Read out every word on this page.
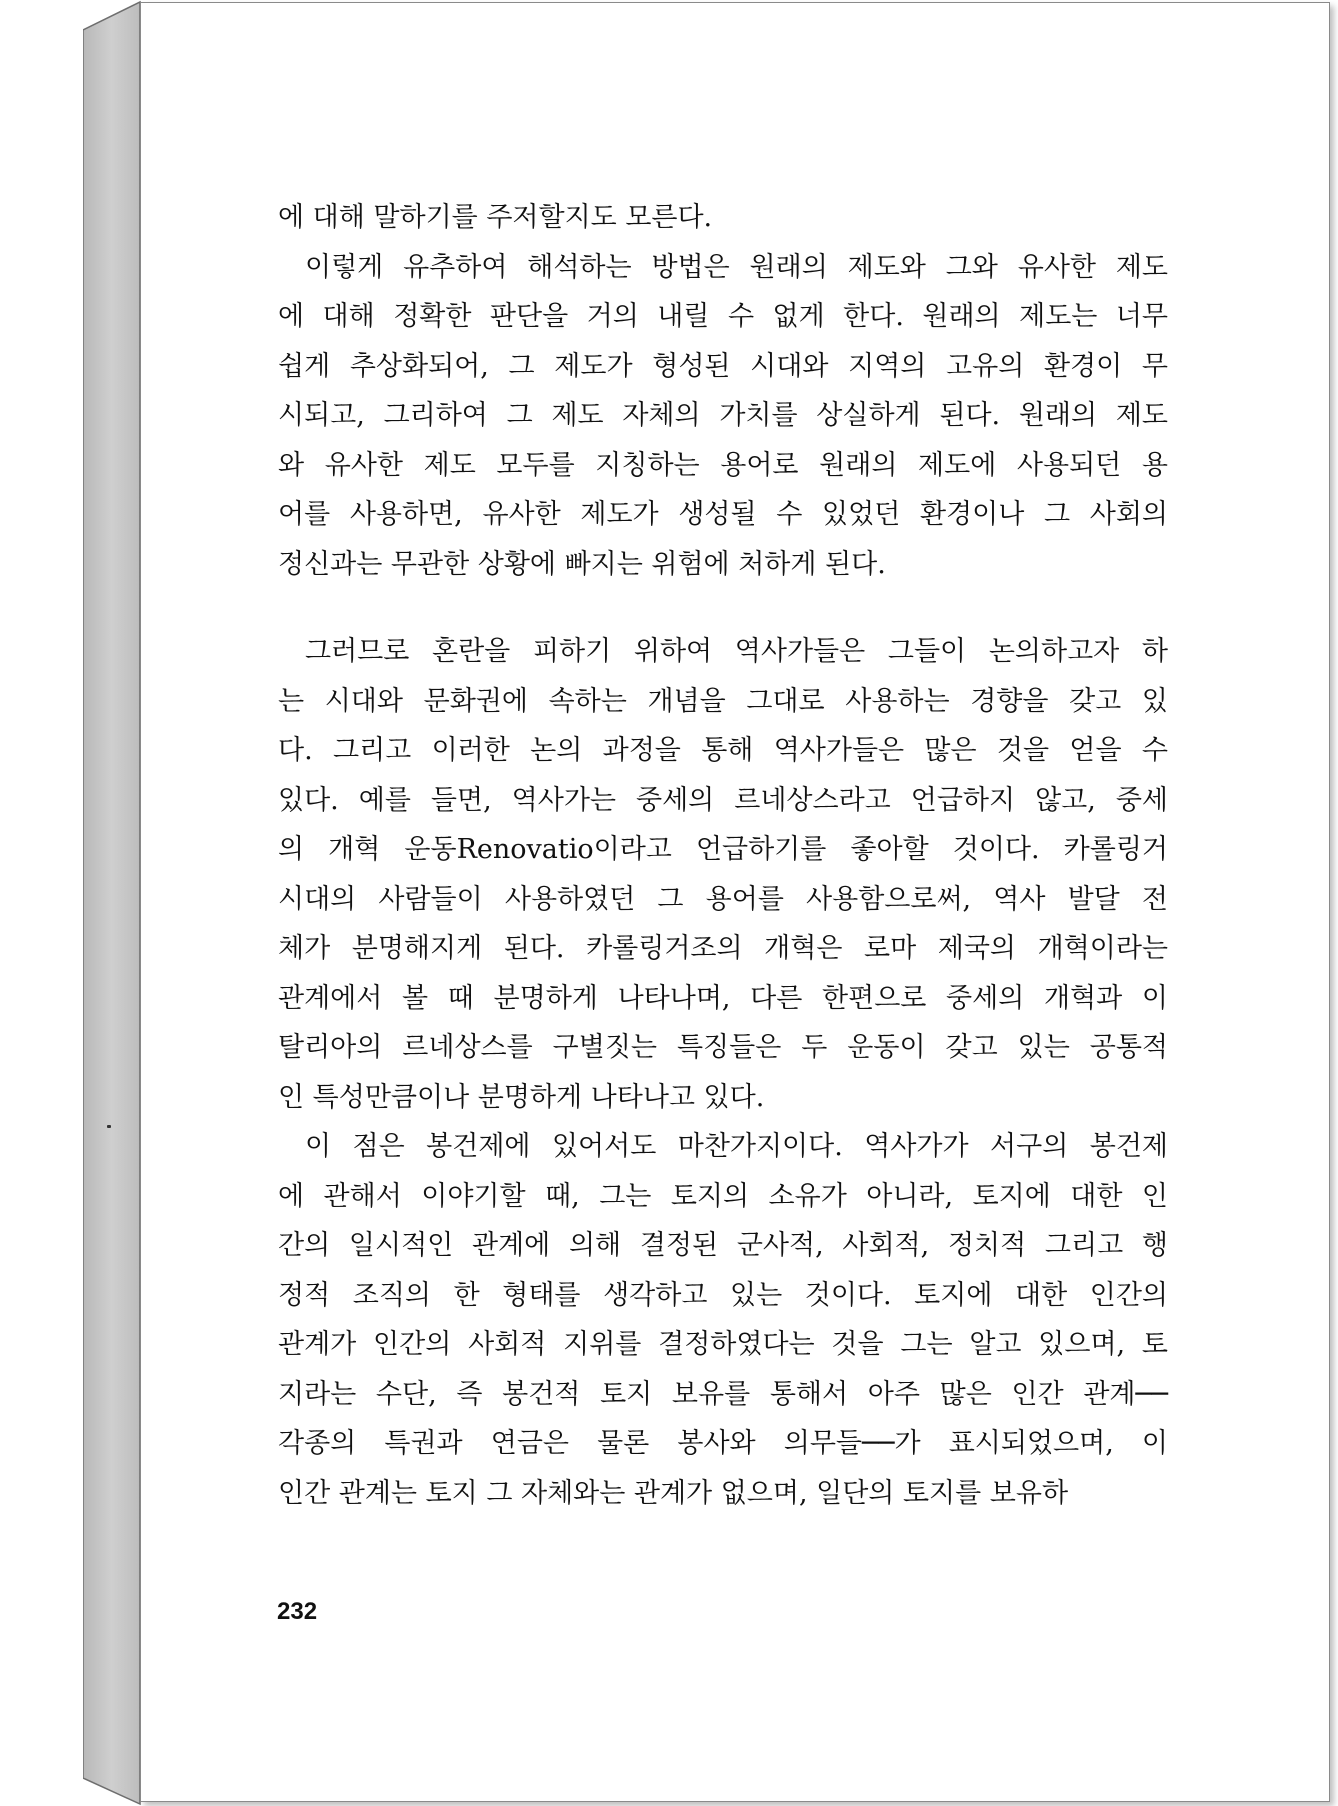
에 대해 말하기를 주저할지도 모른다.
이렇게 유추하여 해석하는 방법은 원래의 제도와 그와 유사한 제도
에 대해 정확한 판단을 거의 내릴 수 없게 한다. 원래의 제도는 너무
쉽게 추상화되어, 그 제도가 형성된 시대와 지역의 고유의 환경이 무
시되고, 그리하여 그 제도 자체의 가치를 상실하게 된다. 원래의 제도
와 유사한 제도 모두를 지칭하는 용어로 원래의 제도에 사용되던 용
어를 사용하면, 유사한 제도가 생성될 수 있었던 환경이나 그 사회의
정신과는 무관한 상황에 빠지는 위험에 처하게 된다.
그러므로 혼란을 피하기 위하여 역사가들은 그들이 논의하고자 하
는 시대와 문화권에 속하는 개념을 그대로 사용하는 경향을 갖고 있
다. 그리고 이러한 논의 과정을 통해 역사가들은 많은 것을 얻을 수
있다. 예를 들면, 역사가는 중세의 르네상스라고 언급하지 않고, 중세
의 개혁 운동Renovatio이라고 언급하기를 좋아할 것이다. 카롤링거
시대의 사람들이 사용하였던 그 용어를 사용함으로써, 역사 발달 전
체가 분명해지게 된다. 카롤링거조의 개혁은 로마 제국의 개혁이라는
관계에서 볼 때 분명하게 나타나며, 다른 한편으로 중세의 개혁과 이
탈리아의 르네상스를 구별짓는 특징들은 두 운동이 갖고 있는 공통적
인 특성만큼이나 분명하게 나타나고 있다.
이 점은 봉건제에 있어서도 마찬가지이다. 역사가가 서구의 봉건제
에 관해서 이야기할 때, 그는 토지의 소유가 아니라, 토지에 대한 인
간의 일시적인 관계에 의해 결정된 군사적, 사회적, 정치적 그리고 행
정적 조직의 한 형태를 생각하고 있는 것이다. 토지에 대한 인간의
관계가 인간의 사회적 지위를 결정하였다는 것을 그는 알고 있으며, 토
지라는 수단, 즉 봉건적 토지 보유를 통해서 아주 많은 인간 관계──
각종의 특권과 연금은 물론 봉사와 의무들──가 표시되었으며, 이
인간 관계는 토지 그 자체와는 관계가 없으며, 일단의 토지를 보유하
232
